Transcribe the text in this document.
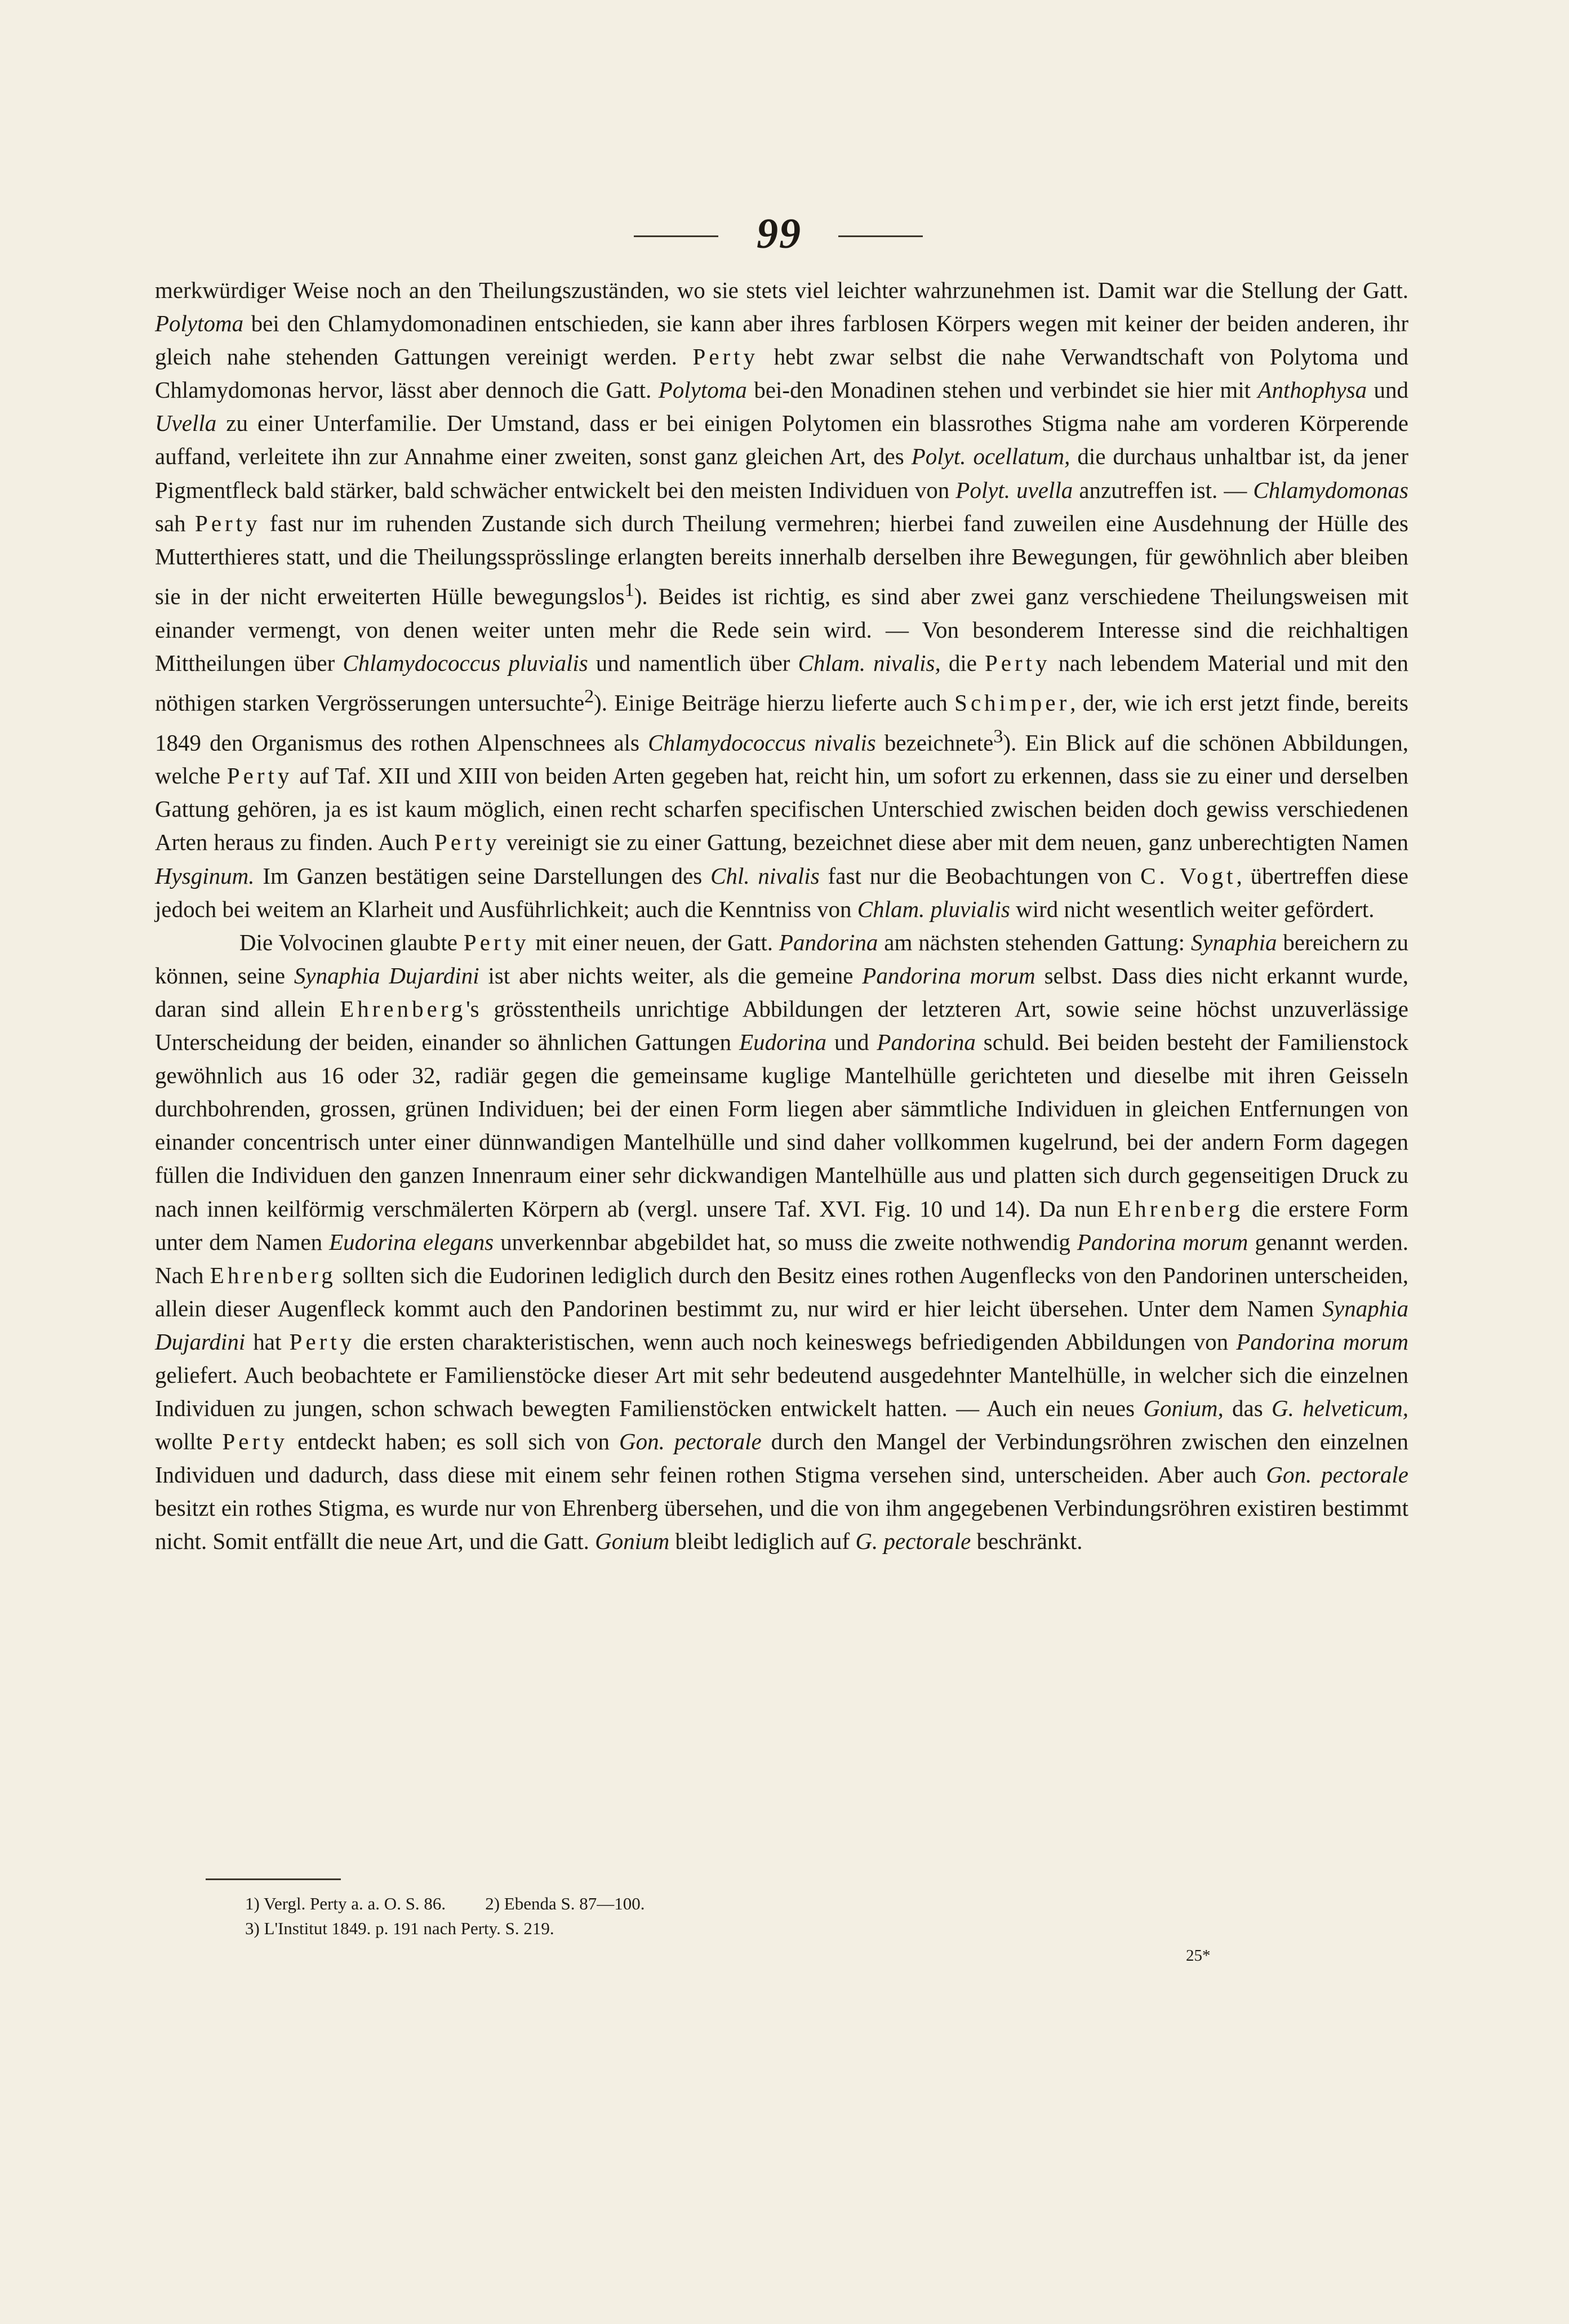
99

merkwürdiger Weise noch an den Theilungszuständen, wo sie stets viel leichter wahrzunehmen ist. Damit war die Stellung der Gatt. Polytoma bei den Chlamydomonadinen entschieden, sie kann aber ihres farblosen Körpers wegen mit keiner der beiden anderen, ihr gleich nahe stehenden Gattungen vereinigt werden. Perty hebt zwar selbst die nahe Verwandtschaft von Polytoma und Chlamydomonas hervor, lässt aber dennoch die Gatt. Polytoma bei-den Monadinen stehen und verbindet sie hier mit Anthophysa und Uvella zu einer Unterfamilie. Der Umstand, dass er bei einigen Polytomen ein blassrothes Stigma nahe am vorderen Körperende auffand, verleitete ihn zur Annahme einer zweiten, sonst ganz gleichen Art, des Polyt. ocellatum, die durchaus unhaltbar ist, da jener Pigmentfleck bald stärker, bald schwächer entwickelt bei den meisten Individuen von Polyt. uvella anzutreffen ist. — Chlamydomonas sah Perty fast nur im ruhenden Zustande sich durch Theilung vermehren; hierbei fand zuweilen eine Ausdehnung der Hülle des Mutterthieres statt, und die Theilungssprösslinge erlangten bereits innerhalb derselben ihre Bewegungen, für gewöhnlich aber bleiben sie in der nicht erweiterten Hülle bewegungslos$^1$). Beides ist richtig, es sind aber zwei ganz verschiedene Theilungsweisen mit einander vermengt, von denen weiter unten mehr die Rede sein wird. — Von besonderem Interesse sind die reichhaltigen Mittheilungen über Chlamydococcus pluvialis und namentlich über Chlam. nivalis, die Perty nach lebendem Material und mit den nöthigen starken Vergrösserungen untersuchte$^2$). Einige Beiträge hierzu lieferte auch Schimper, der, wie ich erst jetzt finde, bereits 1849 den Organismus des rothen Alpenschnees als Chlamydococcus nivalis bezeichnete$^3$). Ein Blick auf die schönen Abbildungen, welche Perty auf Taf. XII und XIII von beiden Arten gegeben hat, reicht hin, um sofort zu erkennen, dass sie zu einer und derselben Gattung gehören, ja es ist kaum möglich, einen recht scharfen specifischen Unterschied zwischen beiden doch gewiss verschiedenen Arten heraus zu finden. Auch Perty vereinigt sie zu einer Gattung, bezeichnet diese aber mit dem neuen, ganz unberechtigten Namen Hysginum. Im Ganzen bestätigen seine Darstellungen des Chl. nivalis fast nur die Beobachtungen von C. Vogt, übertreffen diese jedoch bei weitem an Klarheit und Ausführlichkeit; auch die Kenntniss von Chlam. pluvialis wird nicht wesentlich weiter gefördert.

Die Volvocinen glaubte Perty mit einer neuen, der Gatt. Pandorina am nächsten stehenden Gattung: Synaphia bereichern zu können, seine Synaphia Dujardini ist aber nichts weiter, als die gemeine Pandorina morum selbst. Dass dies nicht erkannt wurde, daran sind allein Ehrenberg's grösstentheils unrichtige Abbildungen der letzteren Art, sowie seine höchst unzuverlässige Unterscheidung der beiden, einander so ähnlichen Gattungen Eudorina und Pandorina schuld. Bei beiden besteht der Familienstock gewöhnlich aus 16 oder 32, radiär gegen die gemeinsame kuglige Mantelhülle gerichteten und dieselbe mit ihren Geisseln durchbohrenden, grossen, grünen Individuen; bei der einen Form liegen aber sämmtliche Individuen in gleichen Entfernungen von einander concentrisch unter einer dünnwandigen Mantelhülle und sind daher vollkommen kugelrund, bei der andern Form dagegen füllen die Individuen den ganzen Innenraum einer sehr dickwandigen Mantelhülle aus und platten sich durch gegenseitigen Druck zu nach innen keilförmig verschmälerten Körpern ab (vergl. unsere Taf. XVI. Fig. 10 und 14). Da nun Ehrenberg die erstere Form unter dem Namen Eudorina elegans unverkennbar abgebildet hat, so muss die zweite nothwendig Pandorina morum genannt werden. Nach Ehrenberg sollten sich die Eudorinen lediglich durch den Besitz eines rothen Augenflecks von den Pandorinen unterscheiden, allein dieser Augenfleck kommt auch den Pandorinen bestimmt zu, nur wird er hier leicht übersehen. Unter dem Namen Synaphia Dujardini hat Perty die ersten charakteristischen, wenn auch noch keineswegs befriedigenden Abbildungen von Pandorina morum geliefert. Auch beobachtete er Familienstöcke dieser Art mit sehr bedeutend ausgedehnter Mantelhülle, in welcher sich die einzelnen Individuen zu jungen, schon schwach bewegten Familienstöcken entwickelt hatten. — Auch ein neues Gonium, das G. helveticum, wollte Perty entdeckt haben; es soll sich von Gon. pectorale durch den Mangel der Verbindungsröhren zwischen den einzelnen Individuen und dadurch, dass diese mit einem sehr feinen rothen Stigma versehen sind, unterscheiden. Aber auch Gon. pectorale besitzt ein rothes Stigma, es wurde nur von Ehrenberg übersehen, und die von ihm angegebenen Verbindungsröhren existiren bestimmt nicht. Somit entfällt die neue Art, und die Gatt. Gonium bleibt lediglich auf G. pectorale beschränkt.

1) Vergl. Perty a. a. O. S. 86. 2) Ebenda S. 87—100.
3) L'Institut 1849. p. 191 nach Perty. S. 219.
25*
